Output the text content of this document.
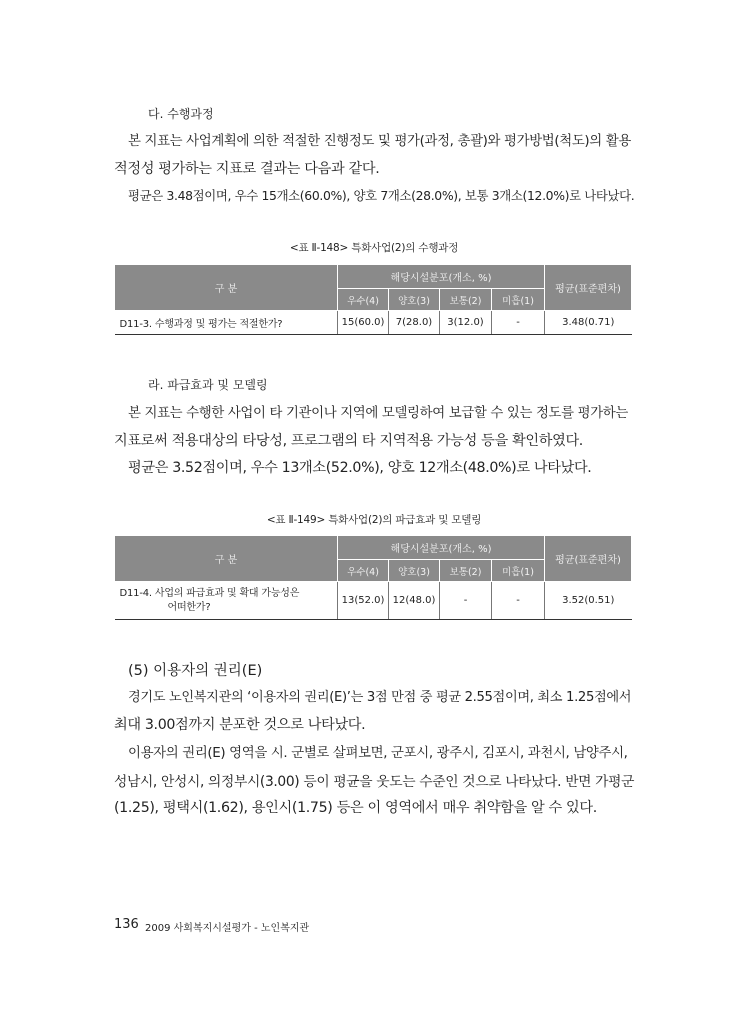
다. 수행과정
본 지표는 사업계획에 의한 적절한 진행정도 및 평가(과정, 총괄)와 평가방법(척도)의 활용
적정성 평가하는 지표로 결과는 다음과 같다.
평균은 3.48점이며, 우수 15개소(60.0%), 양호 7개소(28.0%), 보통 3개소(12.0%)로 나타났다.
<표 Ⅱ-148> 특화사업(2)의 수행과정
구 분	해당시설분포(개소, %)				평균(표준편차)
	우수(4)	양호(3)	보통(2)	미흡(1)	
D11-3. 수행과정 및 평가는 적절한가?	15(60.0)	7(28.0)	3(12.0)	-	3.48(0.71)
라. 파급효과 및 모델링
본 지표는 수행한 사업이 타 기관이나 지역에 모델링하여 보급할 수 있는 정도를 평가하는
지표로써 적용대상의 타당성, 프로그램의 타 지역적용 가능성 등을 확인하였다.
평균은 3.52점이며, 우수 13개소(52.0%), 양호 12개소(48.0%)로 나타났다.
<표 Ⅱ-149> 특화사업(2)의 파급효과 및 모델링
구 분	해당시설분포(개소, %)				평균(표준편차)
	우수(4)	양호(3)	보통(2)	미흡(1)	

D11-4. 사업의 파급효과 및 확대 가능성은
어떠한가?	13(52.0)	12(48.0)	-	-	3.52(0.51)
(5) 이용자의 권리(E)
경기도 노인복지관의 ‘이용자의 권리(E)’는 3점 만점 중 평균 2.55점이며, 최소 1.25점에서
최대 3.00점까지 분포한 것으로 나타났다.
이용자의 권리(E) 영역을 시. 군별로 살펴보면, 군포시, 광주시, 김포시, 과천시, 남양주시,
성남시, 안성시, 의정부시(3.00) 등이 평균을 웃도는 수준인 것으로 나타났다. 반면 가평군
(1.25), 평택시(1.62), 용인시(1.75) 등은 이 영역에서 매우 취약함을 알 수 있다.
136 2009 사회복지시설평가 - 노인복지관
